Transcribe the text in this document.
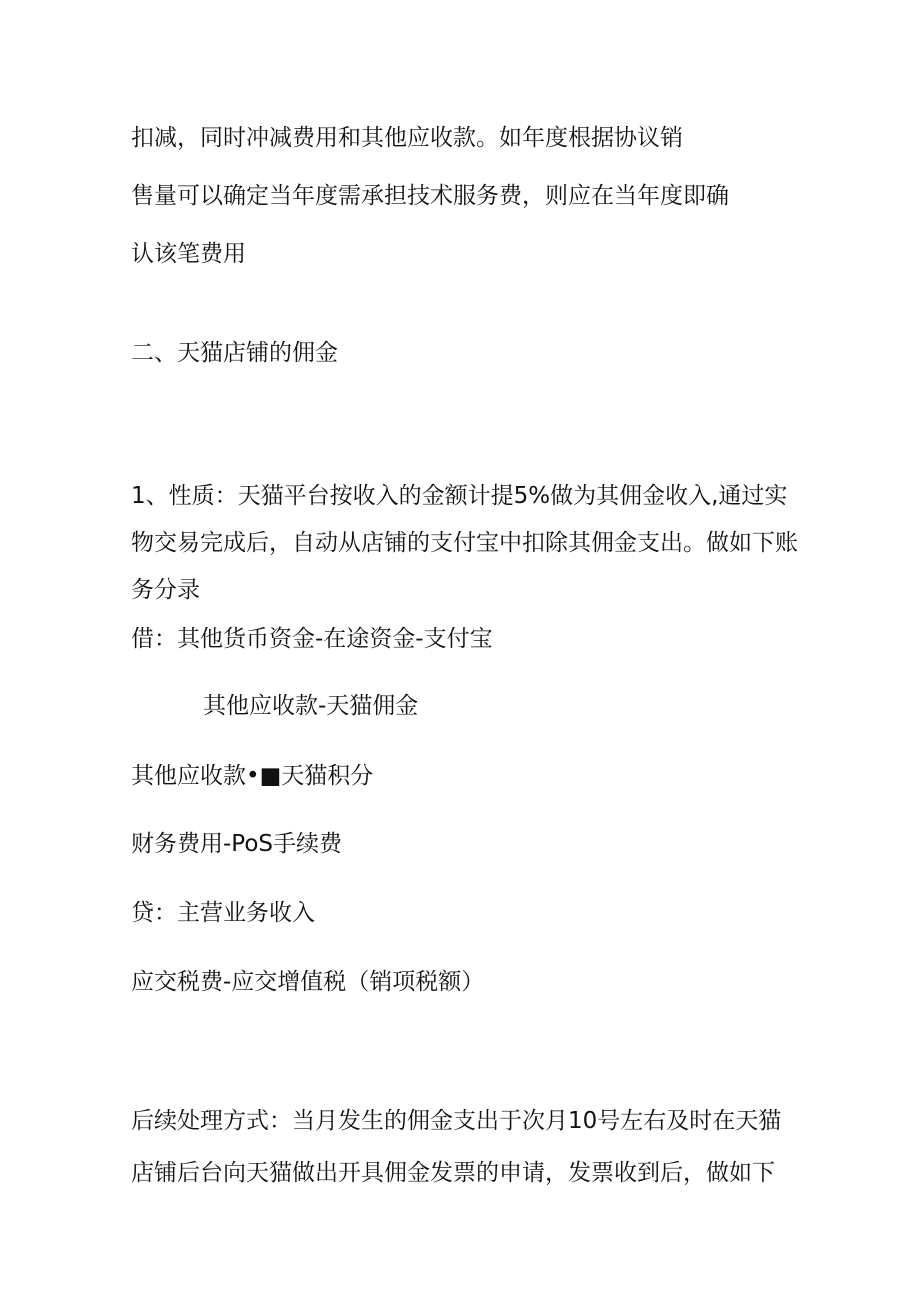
扣减，同时冲减费用和其他应收款。如年度根据协议销
售量可以确定当年度需承担技术服务费，则应在当年度即确
认该笔费用
二、天猫店铺的佣金
1、性质：天猫平台按收入的金额计提5%做为其佣金收入,通过实
物交易完成后，自动从店铺的支付宝中扣除其佣金支出。做如下账
务分录
借：其他货币资金-在途资金-支付宝
其他应收款-天猫佣金
其他应收款•■天猫积分
财务费用-PoS手续费
贷：主营业务收入
应交税费-应交增值税（销项税额）
后续处理方式：当月发生的佣金支出于次月10号左右及时在天猫
店铺后台向天猫做出开具佣金发票的申请，发票收到后，做如下
